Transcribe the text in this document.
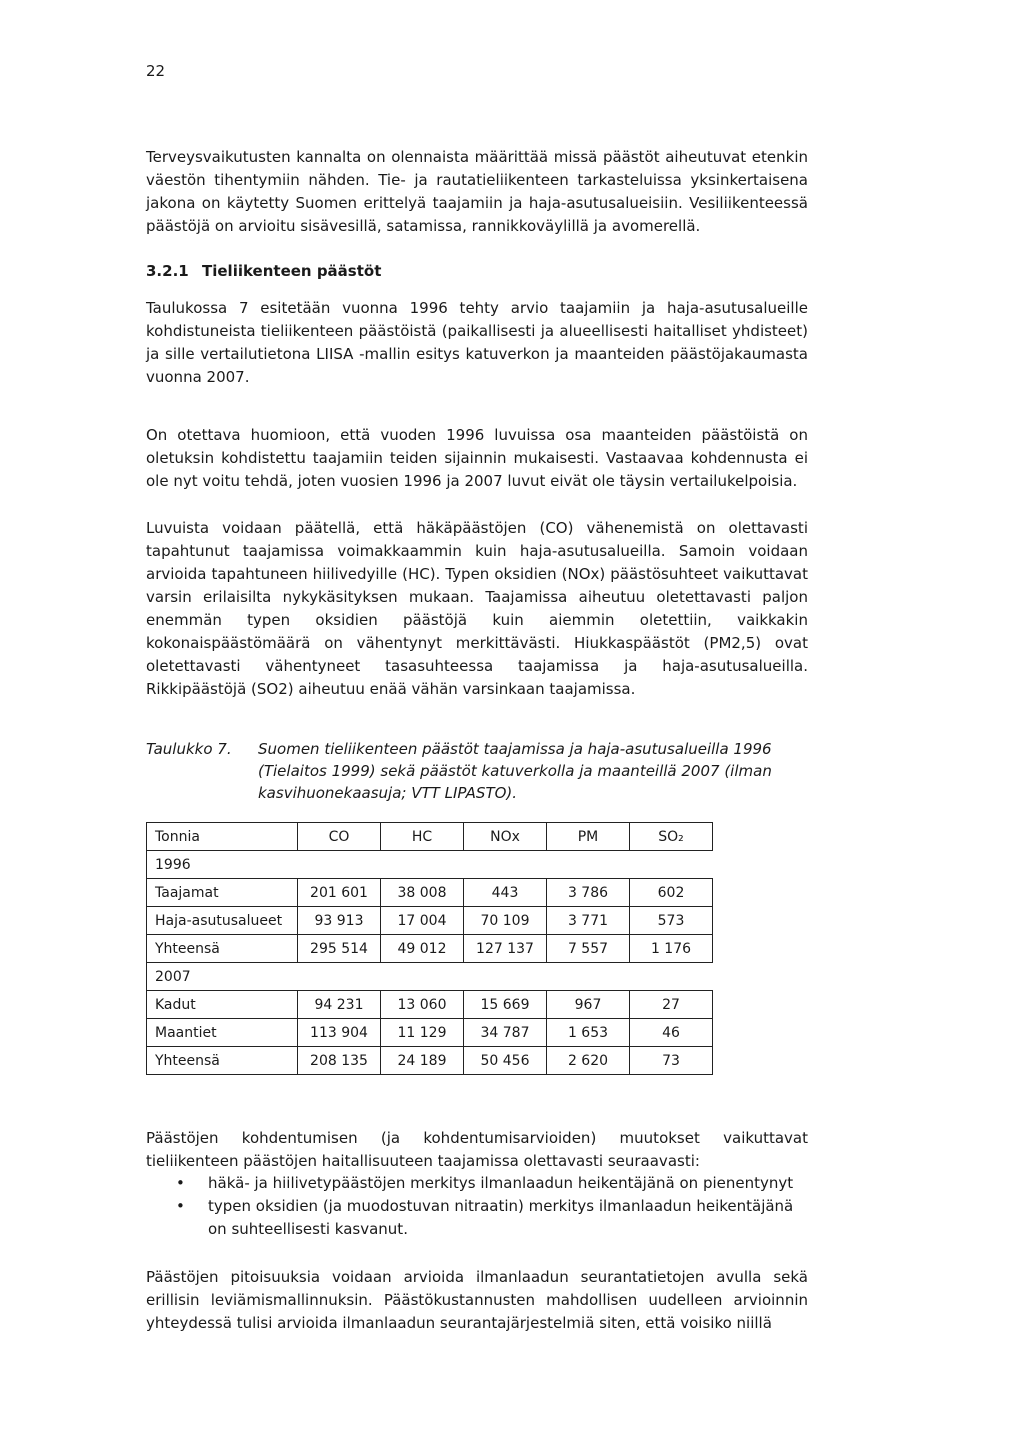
22

Terveysvaikutusten kannalta on olennaista määrittää missä päästöt aiheutuvat etenkin väestön tihentymiin nähden. Tie- ja rautatieliikenteen tarkasteluissa yksinkertaisena jakona on käytetty Suomen erittelyä taajamiin ja haja-asutusalueisiin. Vesiliikenteessä päästöjä on arvioitu sisävesillä, satamissa, rannikkoväylillä ja avomerellä.

3.2.1 Tieliikenteen päästöt

Taulukossa 7 esitetään vuonna 1996 tehty arvio taajamiin ja haja-asutusalueille kohdistuneista tieliikenteen päästöistä (paikallisesti ja alueellisesti haitalliset yhdisteet) ja sille vertailutietona LIISA -mallin esitys katuverkon ja maanteiden päästöjakaumasta vuonna 2007.

On otettava huomioon, että vuoden 1996 luvuissa osa maanteiden päästöistä on oletuksin kohdistettu taajamiin teiden sijainnin mukaisesti. Vastaavaa kohdennusta ei ole nyt voitu tehdä, joten vuosien 1996 ja 2007 luvut eivät ole täysin vertailukelpoisia.

Luvuista voidaan päätellä, että häkäpäästöjen (CO) vähenemistä on olettavasti tapahtunut taajamissa voimakkaammin kuin haja-asutusalueilla. Samoin voidaan arvioida tapahtuneen hiilivedyille (HC). Typen oksidien (NOx) päästösuhteet vaikuttavat varsin erilaisilta nykykäsityksen mukaan. Taajamissa aiheutuu oletettavasti paljon enemmän typen oksidien päästöjä kuin aiemmin oletettiin, vaikkakin kokonaispäästömäärä on vähentynyt merkittävästi. Hiukkaspäästöt (PM2,5) ovat oletettavasti vähentyneet tasasuhteessa taajamissa ja haja-asutusalueilla. Rikkipäästöjä (SO2) aiheutuu enää vähän varsinkaan taajamissa.

Taulukko 7. Suomen tieliikenteen päästöt taajamissa ja haja-asutusalueilla 1996 (Tielaitos 1999) sekä päästöt katuverkolla ja maanteillä 2007 (ilman kasvihuonekaasuja; VTT LIPASTO).
Tonnia	CO	HC	NOx	PM	SO₂
1996					
Taajamat	201 601	38 008	443	3 786	602
Haja-asutusalueet	93 913	17 004	70 109	3 771	573
Yhteensä	295 514	49 012	127 137	7 557	1 176
2007					
Kadut	94 231	13 060	15 669	967	27
Maantiet	113 904	11 129	34 787	1 653	46
Yhteensä	208 135	24 189	50 456	2 620	73

Päästöjen kohdentumisen (ja kohdentumisarvioiden) muutokset vaikuttavat tieliikenteen päästöjen haitallisuuteen taajamissa olettavasti seuraavasti:

• häkä- ja hiilivetypäästöjen merkitys ilmanlaadun heikentäjänä on pienentynyt
• typen oksidien (ja muodostuvan nitraatin) merkitys ilmanlaadun heikentäjänä on suhteellisesti kasvanut.

Päästöjen pitoisuuksia voidaan arvioida ilmanlaadun seurantatietojen avulla sekä erillisin leviämismallinnuksin. Päästökustannusten mahdollisen uudelleen arvioinnin yhteydessä tulisi arvioida ilmanlaadun seurantajärjestelmiä siten, että voisiko niillä
